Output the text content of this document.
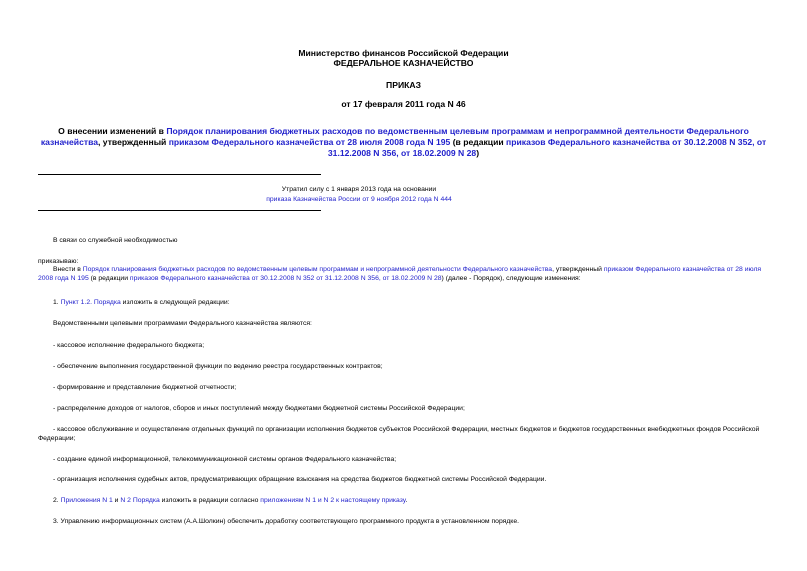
Министерство финансов Российской Федерации
ФЕДЕРАЛЬНОЕ КАЗНАЧЕЙСТВО
ПРИКАЗ
от 17 февраля 2011 года N 46
О внесении изменений в Порядок планирования бюджетных расходов по ведомственным целевым программам и непрограммной деятельности Федерального казначейства, утвержденный приказом Федерального казначейства от 28 июля 2008 года N 195 (в редакции приказов Федерального казначейства от 30.12.2008 N 352, от 31.12.2008 N 356, от 18.02.2009 N 28)
Утратил силу с 1 января 2013 года на основании
приказа Казначейства России от 9 ноября 2012 года N 444
В связи со служебной необходимостью
приказываю:
Внести в Порядок планирования бюджетных расходов по ведомственным целевым программам и непрограммной деятельности Федерального казначейства, утвержденный приказом Федерального казначейства от 28 июля 2008 года N 195 (в редакции приказов Федерального казначейства от 30.12.2008 N 352 от 31.12.2008 N 356, от 18.02.2009 N 28) (далее - Порядок), следующие изменения:
1. Пункт 1.2. Порядка изложить в следующей редакции:
Ведомственными целевыми программами Федерального казначейства являются:
- кассовое исполнение федерального бюджета;
- обеспечение выполнения государственной функции по ведению реестра государственных контрактов;
- формирование и представление бюджетной отчетности;
- распределение доходов от налогов, сборов и иных поступлений между бюджетами бюджетной системы Российской Федерации;
- кассовое обслуживание и осуществление отдельных функций по организации исполнения бюджетов субъектов Российской Федерации, местных бюджетов и бюджетов государственных внебюджетных фондов Российской Федерации;
- создание единой информационной, телекоммуникационной системы органов Федерального казначейства;
- организация исполнения судебных актов, предусматривающих обращение взыскания на средства бюджетов бюджетной системы Российской Федерации.
2. Приложения N 1 и N 2 Порядка изложить в редакции согласно приложениям N 1 и N 2 к настоящему приказу.
3. Управлению информационных систем (А.А.Шолкин) обеспечить доработку соответствующего программного продукта в установленном порядке.
